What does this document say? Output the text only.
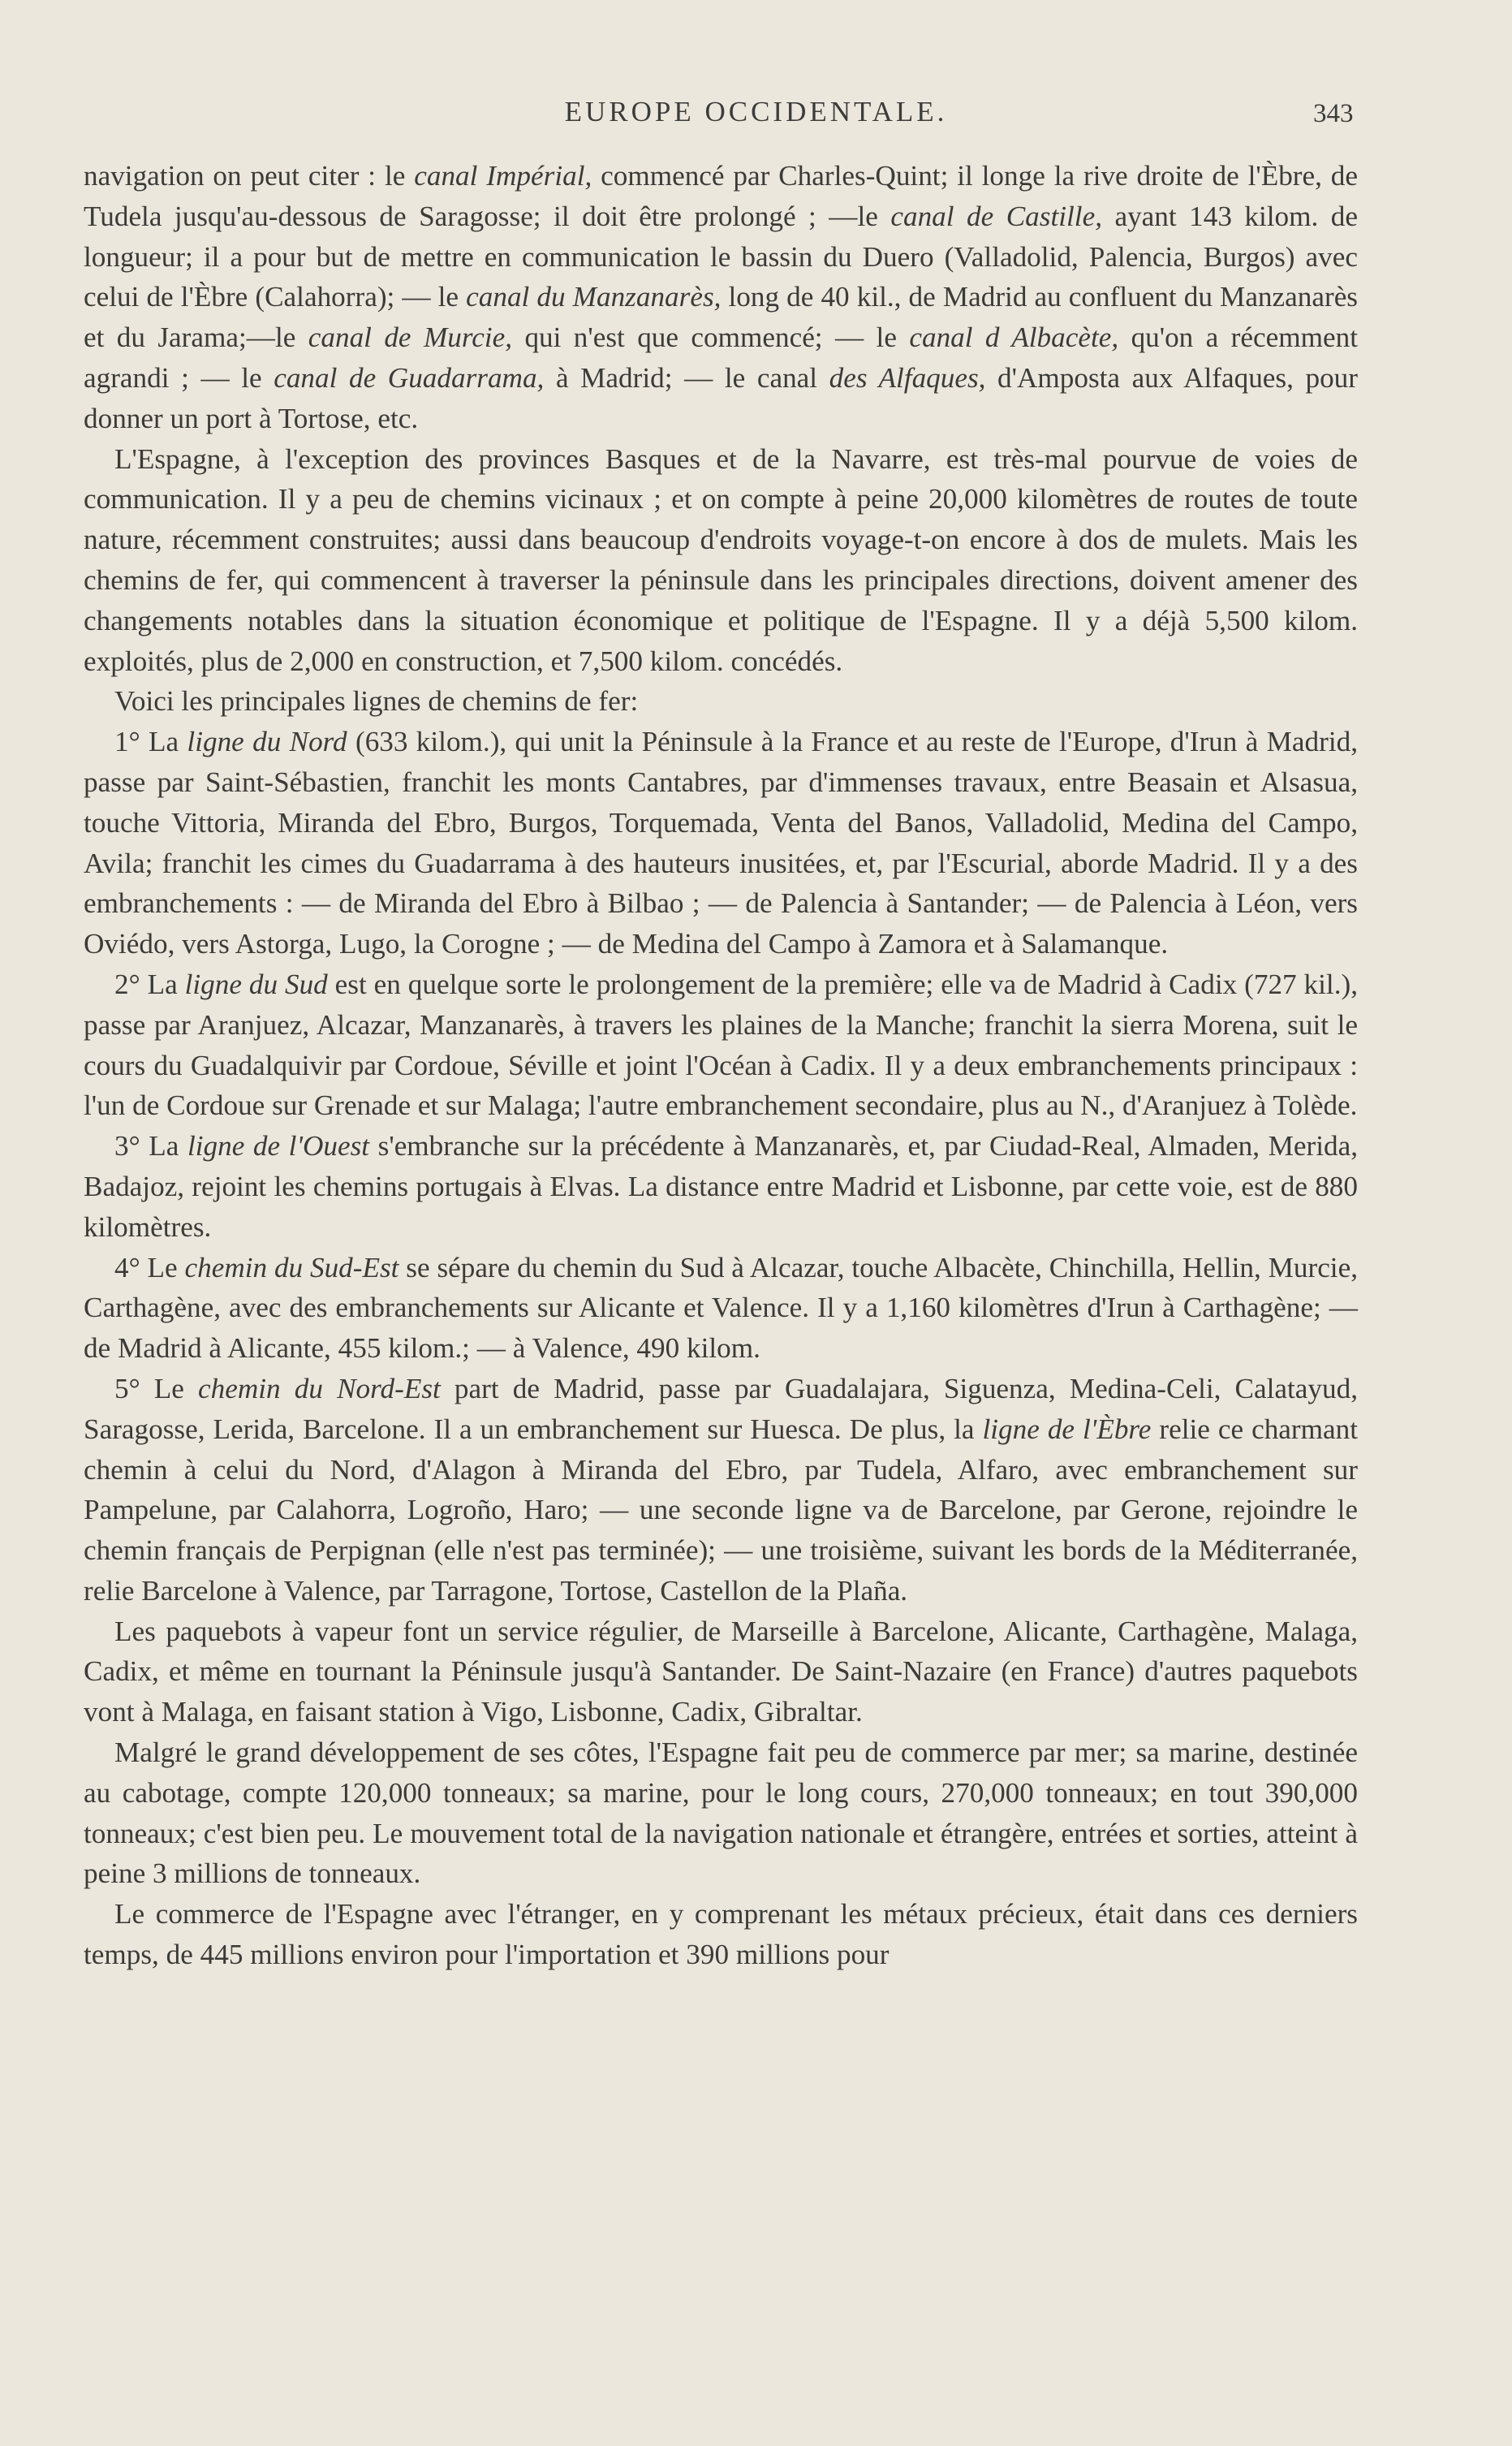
EUROPE OCCIDENTALE.	343

navigation on peut citer : le canal Impérial, commencé par Charles-Quint; il longe la rive droite de l'Èbre, de Tudela jusqu'au-dessous de Saragosse; il doit être prolongé ; —le canal de Castille, ayant 143 kilom. de longueur; il a pour but de mettre en communication le bassin du Duero (Valladolid, Palencia, Burgos) avec celui de l'Èbre (Calahorra); — le canal du Manzanarès, long de 40 kil., de Madrid au confluent du Manzanarès et du Jarama;—le canal de Murcie, qui n'est que commencé; — le canal d Albacète, qu'on a récemment agrandi ; — le canal de Guadarrama, à Madrid; — le canal des Alfaques, d'Amposta aux Alfaques, pour donner un port à Tortose, etc.

L'Espagne, à l'exception des provinces Basques et de la Navarre, est très-mal pourvue de voies de communication. Il y a peu de chemins vicinaux ; et on compte à peine 20,000 kilomètres de routes de toute nature, récemment construites; aussi dans beaucoup d'endroits voyage-t-on encore à dos de mulets. Mais les chemins de fer, qui commencent à traverser la péninsule dans les principales directions, doivent amener des changements notables dans la situation économique et politique de l'Espagne. Il y a déjà 5,500 kilom. exploités, plus de 2,000 en construction, et 7,500 kilom. concédés.

Voici les principales lignes de chemins de fer:

1° La ligne du Nord (633 kilom.), qui unit la Péninsule à la France et au reste de l'Europe, d'Irun à Madrid, passe par Saint-Sébastien, franchit les monts Cantabres, par d'immenses travaux, entre Beasain et Alsasua, touche Vittoria, Miranda del Ebro, Burgos, Torquemada, Venta del Banos, Valladolid, Medina del Campo, Avila; franchit les cimes du Guadarrama à des hauteurs inusitées, et, par l'Escurial, aborde Madrid. Il y a des embranchements : — de Miranda del Ebro à Bilbao ; — de Palencia à Santander; — de Palencia à Léon, vers Oviédo, vers Astorga, Lugo, la Corogne ; — de Medina del Campo à Zamora et à Salamanque.

2° La ligne du Sud est en quelque sorte le prolongement de la première; elle va de Madrid à Cadix (727 kil.), passe par Aranjuez, Alcazar, Manzanarès, à travers les plaines de la Manche; franchit la sierra Morena, suit le cours du Guadalquivir par Cordoue, Séville et joint l'Océan à Cadix. Il y a deux embranchements principaux : l'un de Cordoue sur Grenade et sur Malaga; l'autre embranchement secondaire, plus au N., d'Aranjuez à Tolède.

3° La ligne de l'Ouest s'embranche sur la précédente à Manzanarès, et, par Ciudad-Real, Almaden, Merida, Badajoz, rejoint les chemins portugais à Elvas. La distance entre Madrid et Lisbonne, par cette voie, est de 880 kilomètres.

4° Le chemin du Sud-Est se sépare du chemin du Sud à Alcazar, touche Albacète, Chinchilla, Hellin, Murcie, Carthagène, avec des embranchements sur Alicante et Valence. Il y a 1,160 kilomètres d'Irun à Carthagène; — de Madrid à Alicante, 455 kilom.; — à Valence, 490 kilom.

5° Le chemin du Nord-Est part de Madrid, passe par Guadalajara, Siguenza, Medina-Celi, Calatayud, Saragosse, Lerida, Barcelone. Il a un embranchement sur Huesca. De plus, la ligne de l'Èbre relie ce charmant chemin à celui du Nord, d'Alagon à Miranda del Ebro, par Tudela, Alfaro, avec embranchement sur Pampelune, par Calahorra, Logroño, Haro; — une seconde ligne va de Barcelone, par Gerone, rejoindre le chemin français de Perpignan (elle n'est pas terminée); — une troisième, suivant les bords de la Méditerranée, relie Barcelone à Valence, par Tarragone, Tortose, Castellon de la Plaña.

Les paquebots à vapeur font un service régulier, de Marseille à Barcelone, Alicante, Carthagène, Malaga, Cadix, et même en tournant la Péninsule jusqu'à Santander. De Saint-Nazaire (en France) d'autres paquebots vont à Malaga, en faisant station à Vigo, Lisbonne, Cadix, Gibraltar.

Malgré le grand développement de ses côtes, l'Espagne fait peu de commerce par mer; sa marine, destinée au cabotage, compte 120,000 tonneaux; sa marine, pour le long cours, 270,000 tonneaux; en tout 390,000 tonneaux; c'est bien peu. Le mouvement total de la navigation nationale et étrangère, entrées et sorties, atteint à peine 3 millions de tonneaux.

Le commerce de l'Espagne avec l'étranger, en y comprenant les métaux précieux, était dans ces derniers temps, de 445 millions environ pour l'importation et 390 millions pour
